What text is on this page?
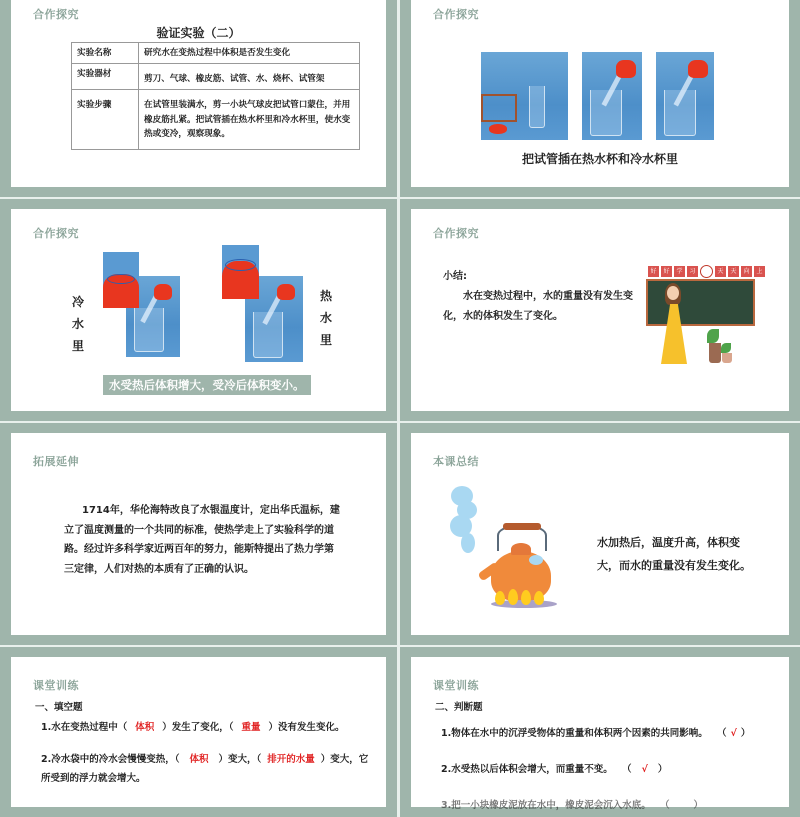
合作探究
验证实验（二）
实验名称	研究水在变热过程中体积是否发生变化
实验器材	剪刀、气球、橡皮筋、试管、水、烧杯、试管架
实验步骤	在试管里装满水，剪一小块气球皮把试管口蒙住，并用橡皮筋扎紧。把试管插在热水杯里和冷水杯里，使水变热或变冷，观察现象。
合作探究
把试管插在热水杯和冷水杯里
合作探究
冷
水
里
热
水
里
水受热后体积增大，受冷后体积变小。
合作探究
小结:
水在变热过程中，水的重量没有发生变化，水的体积发生了变化。
好	好	学	习	天	天	向	上
拓展延伸
1714年，华伦海特改良了水银温度计，定出华氏温标，建立了温度测量的一个共同的标准，使热学走上了实验科学的道路。经过许多科学家近两百年的努力，能斯特提出了热力学第三定律，人们对热的本质有了正确的认识。
本课总结
水加热后，温度升高，体积变大，而水的重量没有发生变化。
课堂训练
一、填空题
1.水在变热过程中（ 体积 ）发生了变化，（ 重量 ）没有发生变化。
2.冷水袋中的冷水会慢慢变热，（ 体积 ）变大，（ 排开的水量 ）变大，它所受到的浮力就会增大。
课堂训练
二、判断题
1.物体在水中的沉浮受物体的重量和体积两个因素的共同影响。 （ √ ）
2.水受热以后体积会增大，而重量不变。 （ √ ）
3.把一小块橡皮泥放在水中，橡皮泥会沉入水底。 （	）
